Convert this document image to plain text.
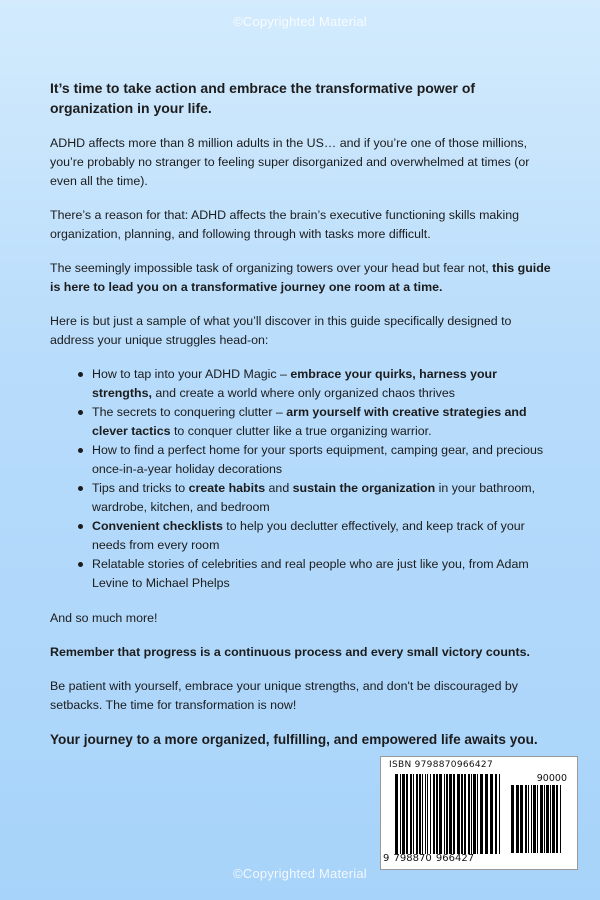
©Copyrighted Material

It’s time to take action and embrace the transformative power of organization in your life.

ADHD affects more than 8 million adults in the US… and if you’re one of those millions, you’re probably no stranger to feeling super disorganized and overwhelmed at times (or even all the time).

There’s a reason for that: ADHD affects the brain’s executive functioning skills making organization, planning, and following through with tasks more difficult.

The seemingly impossible task of organizing towers over your head but fear not, this guide is here to lead you on a transformative journey one room at a time.

Here is but just a sample of what you’ll discover in this guide specifically designed to address your unique struggles head-on:

How to tap into your ADHD Magic – embrace your quirks, harness your strengths, and create a world where only organized chaos thrives
The secrets to conquering clutter – arm yourself with creative strategies and clever tactics to conquer clutter like a true organizing warrior.
How to find a perfect home for your sports equipment, camping gear, and precious once-in-a-year holiday decorations
Tips and tricks to create habits and sustain the organization in your bathroom, wardrobe, kitchen, and bedroom
Convenient checklists to help you declutter effectively, and keep track of your needs from every room
Relatable stories of celebrities and real people who are just like you, from Adam Levine to Michael Phelps

And so much more!

Remember that progress is a continuous process and every small victory counts.

Be patient with yourself, embrace your unique strengths, and don't be discouraged by setbacks. The time for transformation is now!

Your journey to a more organized, fulfilling, and empowered life awaits you.

ISBN 9798870966427
90000
9 798870 966427
©Copyrighted Material
